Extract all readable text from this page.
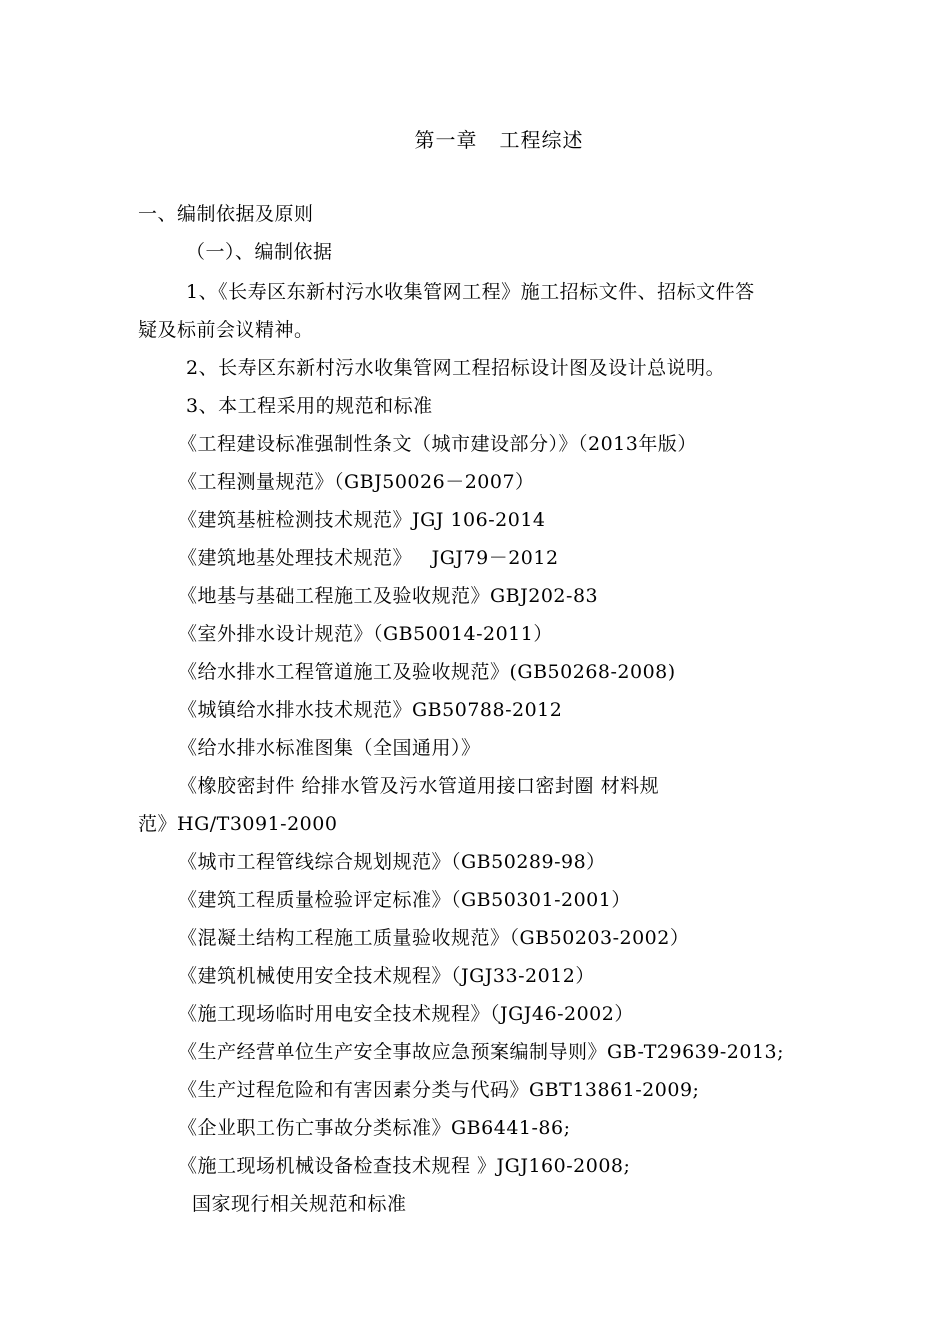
第一章   工程综述
一、编制依据及原则
（一）、编制依据
1、《长寿区东新村污水收集管网工程》施工招标文件、招标文件答
疑及标前会议精神。
2、长寿区东新村污水收集管网工程招标设计图及设计总说明。
3、本工程采用的规范和标准
《工程建设标准强制性条文（城市建设部分）》（2013年版）
《工程测量规范》（GBJ50026－2007）
《建筑基桩检测技术规范》JGJ 106-2014
《建筑地基处理技术规范》   JGJ79－2012
《地基与基础工程施工及验收规范》GBJ202-83
《室外排水设计规范》（GB50014-2011）
《给水排水工程管道施工及验收规范》(GB50268-2008)
《城镇给水排水技术规范》GB50788-2012
《给水排水标准图集（全国通用）》
《橡胶密封件 给排水管及污水管道用接口密封圈 材料规
范》HG/T3091-2000
《城市工程管线综合规划规范》（GB50289-98）
《建筑工程质量检验评定标准》（GB50301-2001）
《混凝土结构工程施工质量验收规范》（GB50203-2002）
《建筑机械使用安全技术规程》（JGJ33-2012）
《施工现场临时用电安全技术规程》（JGJ46-2002）
《生产经营单位生产安全事故应急预案编制导则》GB-T29639-2013;
《生产过程危险和有害因素分类与代码》GBT13861-2009;
《企业职工伤亡事故分类标准》GB6441-86;
《施工现场机械设备检查技术规程 》JGJ160-2008;
国家现行相关规范和标准
